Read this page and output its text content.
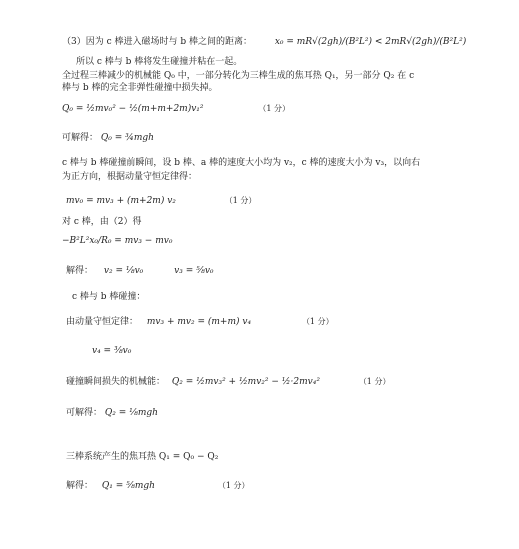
（3）因为 c 棒进入磁场时与 b 棒之间的距离：	x₀ = mR√(2gh)/(B²L²) < 2mR√(2gh)/(B²L²)
所以 c 棒与 b 棒将发生碰撞并粘在一起。
全过程三棒减少的机械能 Q₀ 中，一部分转化为三棒生成的焦耳热 Q₁，另一部分 Q₂ 在 c
棒与 b 棒的完全非弹性碰撞中损失掉。
Q₀ = ½mv₀² − ½(m+m+2m)v₁²	（1 分）
可解得： Q₀ = ¾mgh
c 棒与 b 棒碰撞前瞬间，设 b 棒、a 棒的速度大小均为 v₂，c 棒的速度大小为 v₃，以向右
为正方向，根据动量守恒定律得：
mv₀ = mv₃ + (m+2m) v₂	（1 分）
对 c 棒，由（2）得
−B²L²x₀/R₀ = mv₃ − mv₀
解得： v₂ = ⅛v₀	v₃ = ⅝v₀
c 棒与 b 棒碰撞：
由动量守恒定律： mv₃ + mv₂ = (m+m) v₄	（1 分）
v₄ = ⅜v₀
碰撞瞬间损失的机械能： Q₂ = ½mv₃² + ½mv₂² − ½·2mv₄²	（1 分）
可解得： Q₂ = ⅛mgh
三棒系统产生的焦耳热 Q₁ = Q₀ − Q₂
解得： Q₁ = ⅝mgh	（1 分）
